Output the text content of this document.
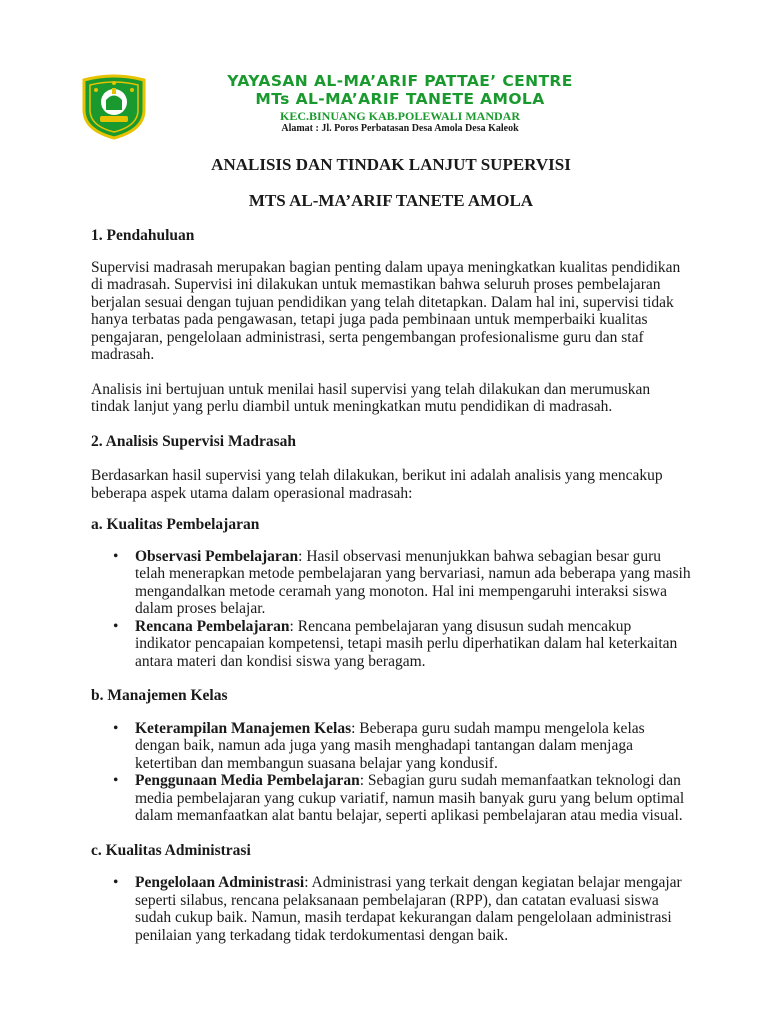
YAYASAN AL-MA’ARIF PATTAE’ CENTRE
MTs AL-MA’ARIF TANETE AMOLA
KEC.BINUANG KAB.POLEWALI MANDAR
Alamat : Jl. Poros Perbatasan Desa Amola Desa Kaleok

ANALISIS DAN TINDAK LANJUT SUPERVISI

MTS AL-MA’ARIF TANETE AMOLA

1. Pendahuluan

Supervisi madrasah merupakan bagian penting dalam upaya meningkatkan kualitas pendidikan di madrasah. Supervisi ini dilakukan untuk memastikan bahwa seluruh proses pembelajaran berjalan sesuai dengan tujuan pendidikan yang telah ditetapkan. Dalam hal ini, supervisi tidak hanya terbatas pada pengawasan, tetapi juga pada pembinaan untuk memperbaiki kualitas pengajaran, pengelolaan administrasi, serta pengembangan profesionalisme guru dan staf madrasah.

Analisis ini bertujuan untuk menilai hasil supervisi yang telah dilakukan dan merumuskan tindak lanjut yang perlu diambil untuk meningkatkan mutu pendidikan di madrasah.

2. Analisis Supervisi Madrasah

Berdasarkan hasil supervisi yang telah dilakukan, berikut ini adalah analisis yang mencakup beberapa aspek utama dalam operasional madrasah:

a. Kualitas Pembelajaran
• Observasi Pembelajaran: Hasil observasi menunjukkan bahwa sebagian besar guru telah menerapkan metode pembelajaran yang bervariasi, namun ada beberapa yang masih mengandalkan metode ceramah yang monoton. Hal ini mempengaruhi interaksi siswa dalam proses belajar.
• Rencana Pembelajaran: Rencana pembelajaran yang disusun sudah mencakup indikator pencapaian kompetensi, tetapi masih perlu diperhatikan dalam hal keterkaitan antara materi dan kondisi siswa yang beragam.
b. Manajemen Kelas
• Keterampilan Manajemen Kelas: Beberapa guru sudah mampu mengelola kelas dengan baik, namun ada juga yang masih menghadapi tantangan dalam menjaga ketertiban dan membangun suasana belajar yang kondusif.
• Penggunaan Media Pembelajaran: Sebagian guru sudah memanfaatkan teknologi dan media pembelajaran yang cukup variatif, namun masih banyak guru yang belum optimal dalam memanfaatkan alat bantu belajar, seperti aplikasi pembelajaran atau media visual.
c. Kualitas Administrasi
• Pengelolaan Administrasi: Administrasi yang terkait dengan kegiatan belajar mengajar seperti silabus, rencana pelaksanaan pembelajaran (RPP), dan catatan evaluasi siswa sudah cukup baik. Namun, masih terdapat kekurangan dalam pengelolaan administrasi penilaian yang terkadang tidak terdokumentasi dengan baik.
